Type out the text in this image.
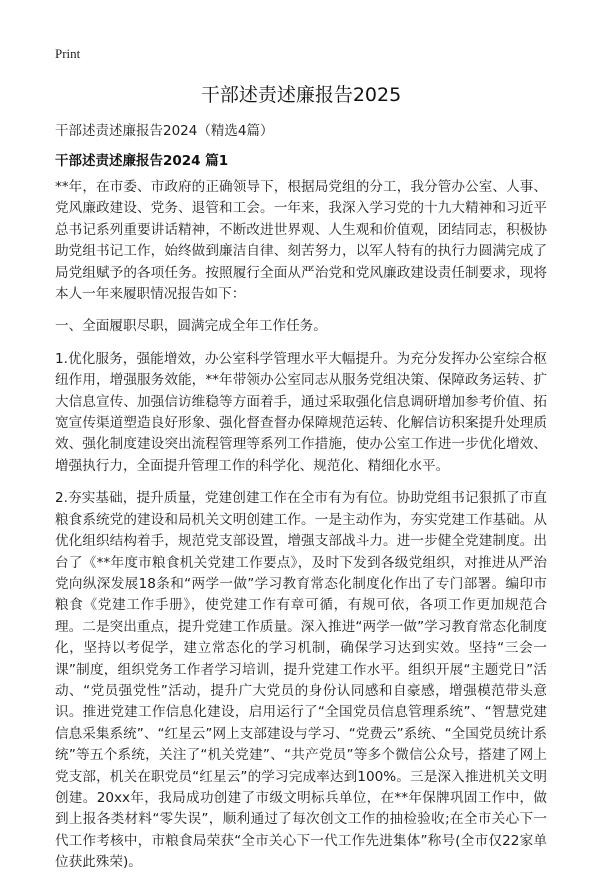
Print
干部述责述廉报告2025
干部述责述廉报告2024（精选4篇）
干部述责述廉报告2024 篇1

**年，在市委、市政府的正确领导下，根据局党组的分工，我分管办公室、人事、党风廉政建设、党务、退管和工会。一年来，我深入学习党的十九大精神和习近平总书记系列重要讲话精神，不断改进世界观、人生观和价值观，团结同志，积极协助党组书记工作，始终做到廉洁自律、刻苦努力，以军人特有的执行力圆满完成了局党组赋予的各项任务。按照履行全面从严治党和党风廉政建设责任制要求，现将本人一年来履职情况报告如下：

一、全面履职尽职，圆满完成全年工作任务。

1.优化服务，强能增效，办公室科学管理水平大幅提升。为充分发挥办公室综合枢纽作用，增强服务效能，**年带领办公室同志从服务党组决策、保障政务运转、扩大信息宣传、加强信访维稳等方面着手，通过采取强化信息调研增加参考价值、拓宽宣传渠道塑造良好形象、强化督查督办保障规范运转、化解信访积案提升处理质效、强化制度建设突出流程管理等系列工作措施，使办公室工作进一步优化增效、增强执行力，全面提升管理工作的科学化、规范化、精细化水平。

2.夯实基础，提升质量，党建创建工作在全市有为有位。协助党组书记狠抓了市直粮食系统党的建设和局机关文明创建工作。一是主动作为，夯实党建工作基础。从优化组织结构着手，规范党支部设置，增强支部战斗力。进一步健全党建制度。出台了《**年度市粮食机关党建工作要点》，及时下发到各级党组织，对推进从严治党向纵深发展18条和“两学一做”学习教育常态化制度化作出了专门部署。编印市粮食《党建工作手册》，使党建工作有章可循，有规可依，各项工作更加规范合理。二是突出重点，提升党建工作质量。深入推进“两学一做”学习教育常态化制度化，坚持以考促学，建立常态化的学习机制，确保学习达到实效。坚持“三会一课”制度，组织党务工作者学习培训，提升党建工作水平。组织开展“主题党日”活动、“党员强党性”活动，提升广大党员的身份认同感和自豪感，增强模范带头意识。推进党建工作信息化建设，启用运行了“全国党员信息管理系统”、“智慧党建信息采集系统”、“红星云”网上支部建设与学习、“党费云”系统、“全国党员统计系统”等五个系统，关注了“机关党建”、“共产党员”等多个微信公众号，搭建了网上党支部，机关在职党员“红星云”的学习完成率达到100%。三是深入推进机关文明创建。20xx年，我局成功创建了市级文明标兵单位，在**年保牌巩固工作中，做到上报各类材料“零失误”，顺利通过了每次创文工作的抽检验收;在全市关心下一代工作考核中，市粮食局荣获“全市关心下一代工作先进集体”称号(全市仅22家单位获此殊荣)。
